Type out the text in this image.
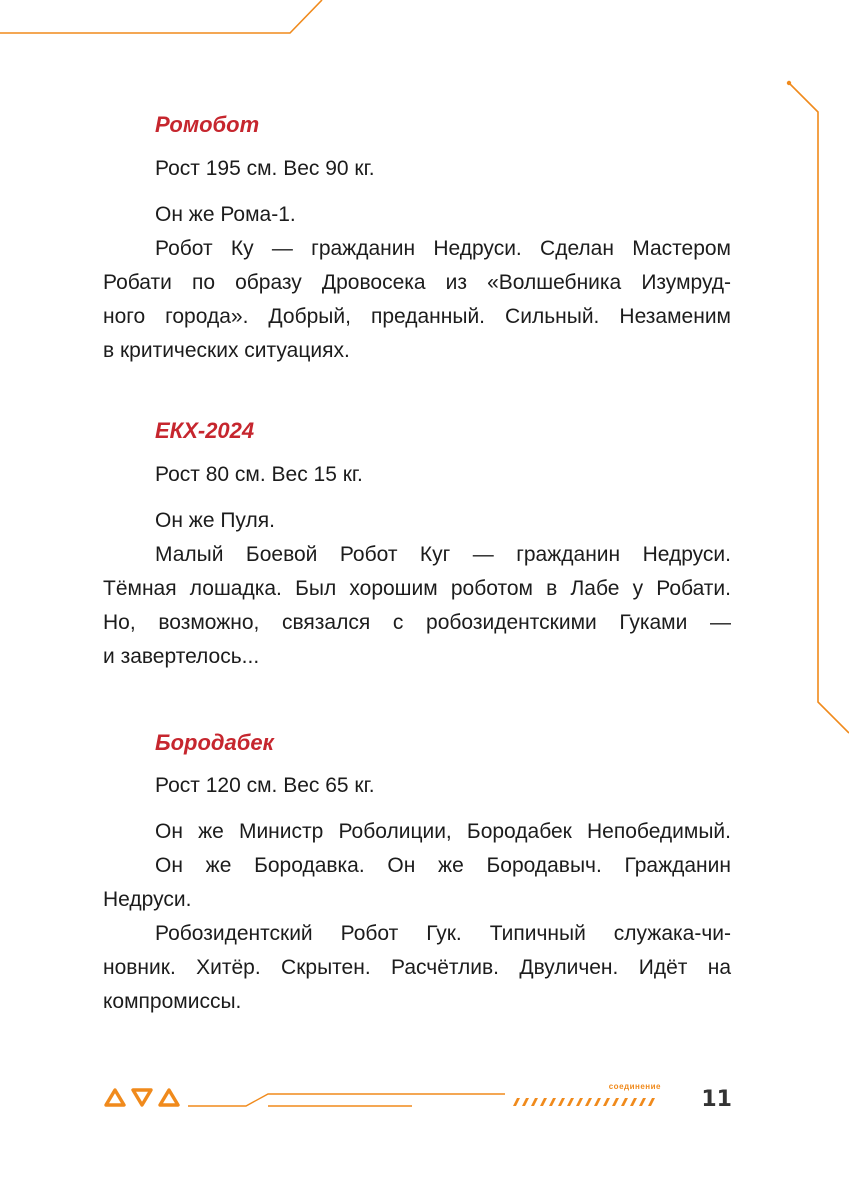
соединение
11
Ромобот
Рост 195 см. Вес 90 кг.

Он же Рома-1.
Робот Ку — гражданин Недруси. Сделан Мастером
Робати по образу Дровосека из «Волшебника Изумруд-
ного города». Добрый, преданный. Сильный. Незаменим
в критических ситуациях.

ЕКХ-2024
Рост 80 см. Вес 15 кг.

Он же Пуля.
Малый Боевой Робот Куг — гражданин Недруси.
Тёмная лошадка. Был хорошим роботом в Лабе у Робати.
Но, возможно, связался с робозидентскими Гуками —
и завертелось...

Бородабек
Рост 120 см. Вес 65 кг.

Он же Министр Роболиции, Бородабек Непобедимый.
Он же Бородавка. Он же Бородавыч. Гражданин
Недруси.
Робозидентский Робот Гук. Типичный служака-чи-
новник. Хитёр. Скрытен. Расчётлив. Двуличен. Идёт на
компромиссы.
